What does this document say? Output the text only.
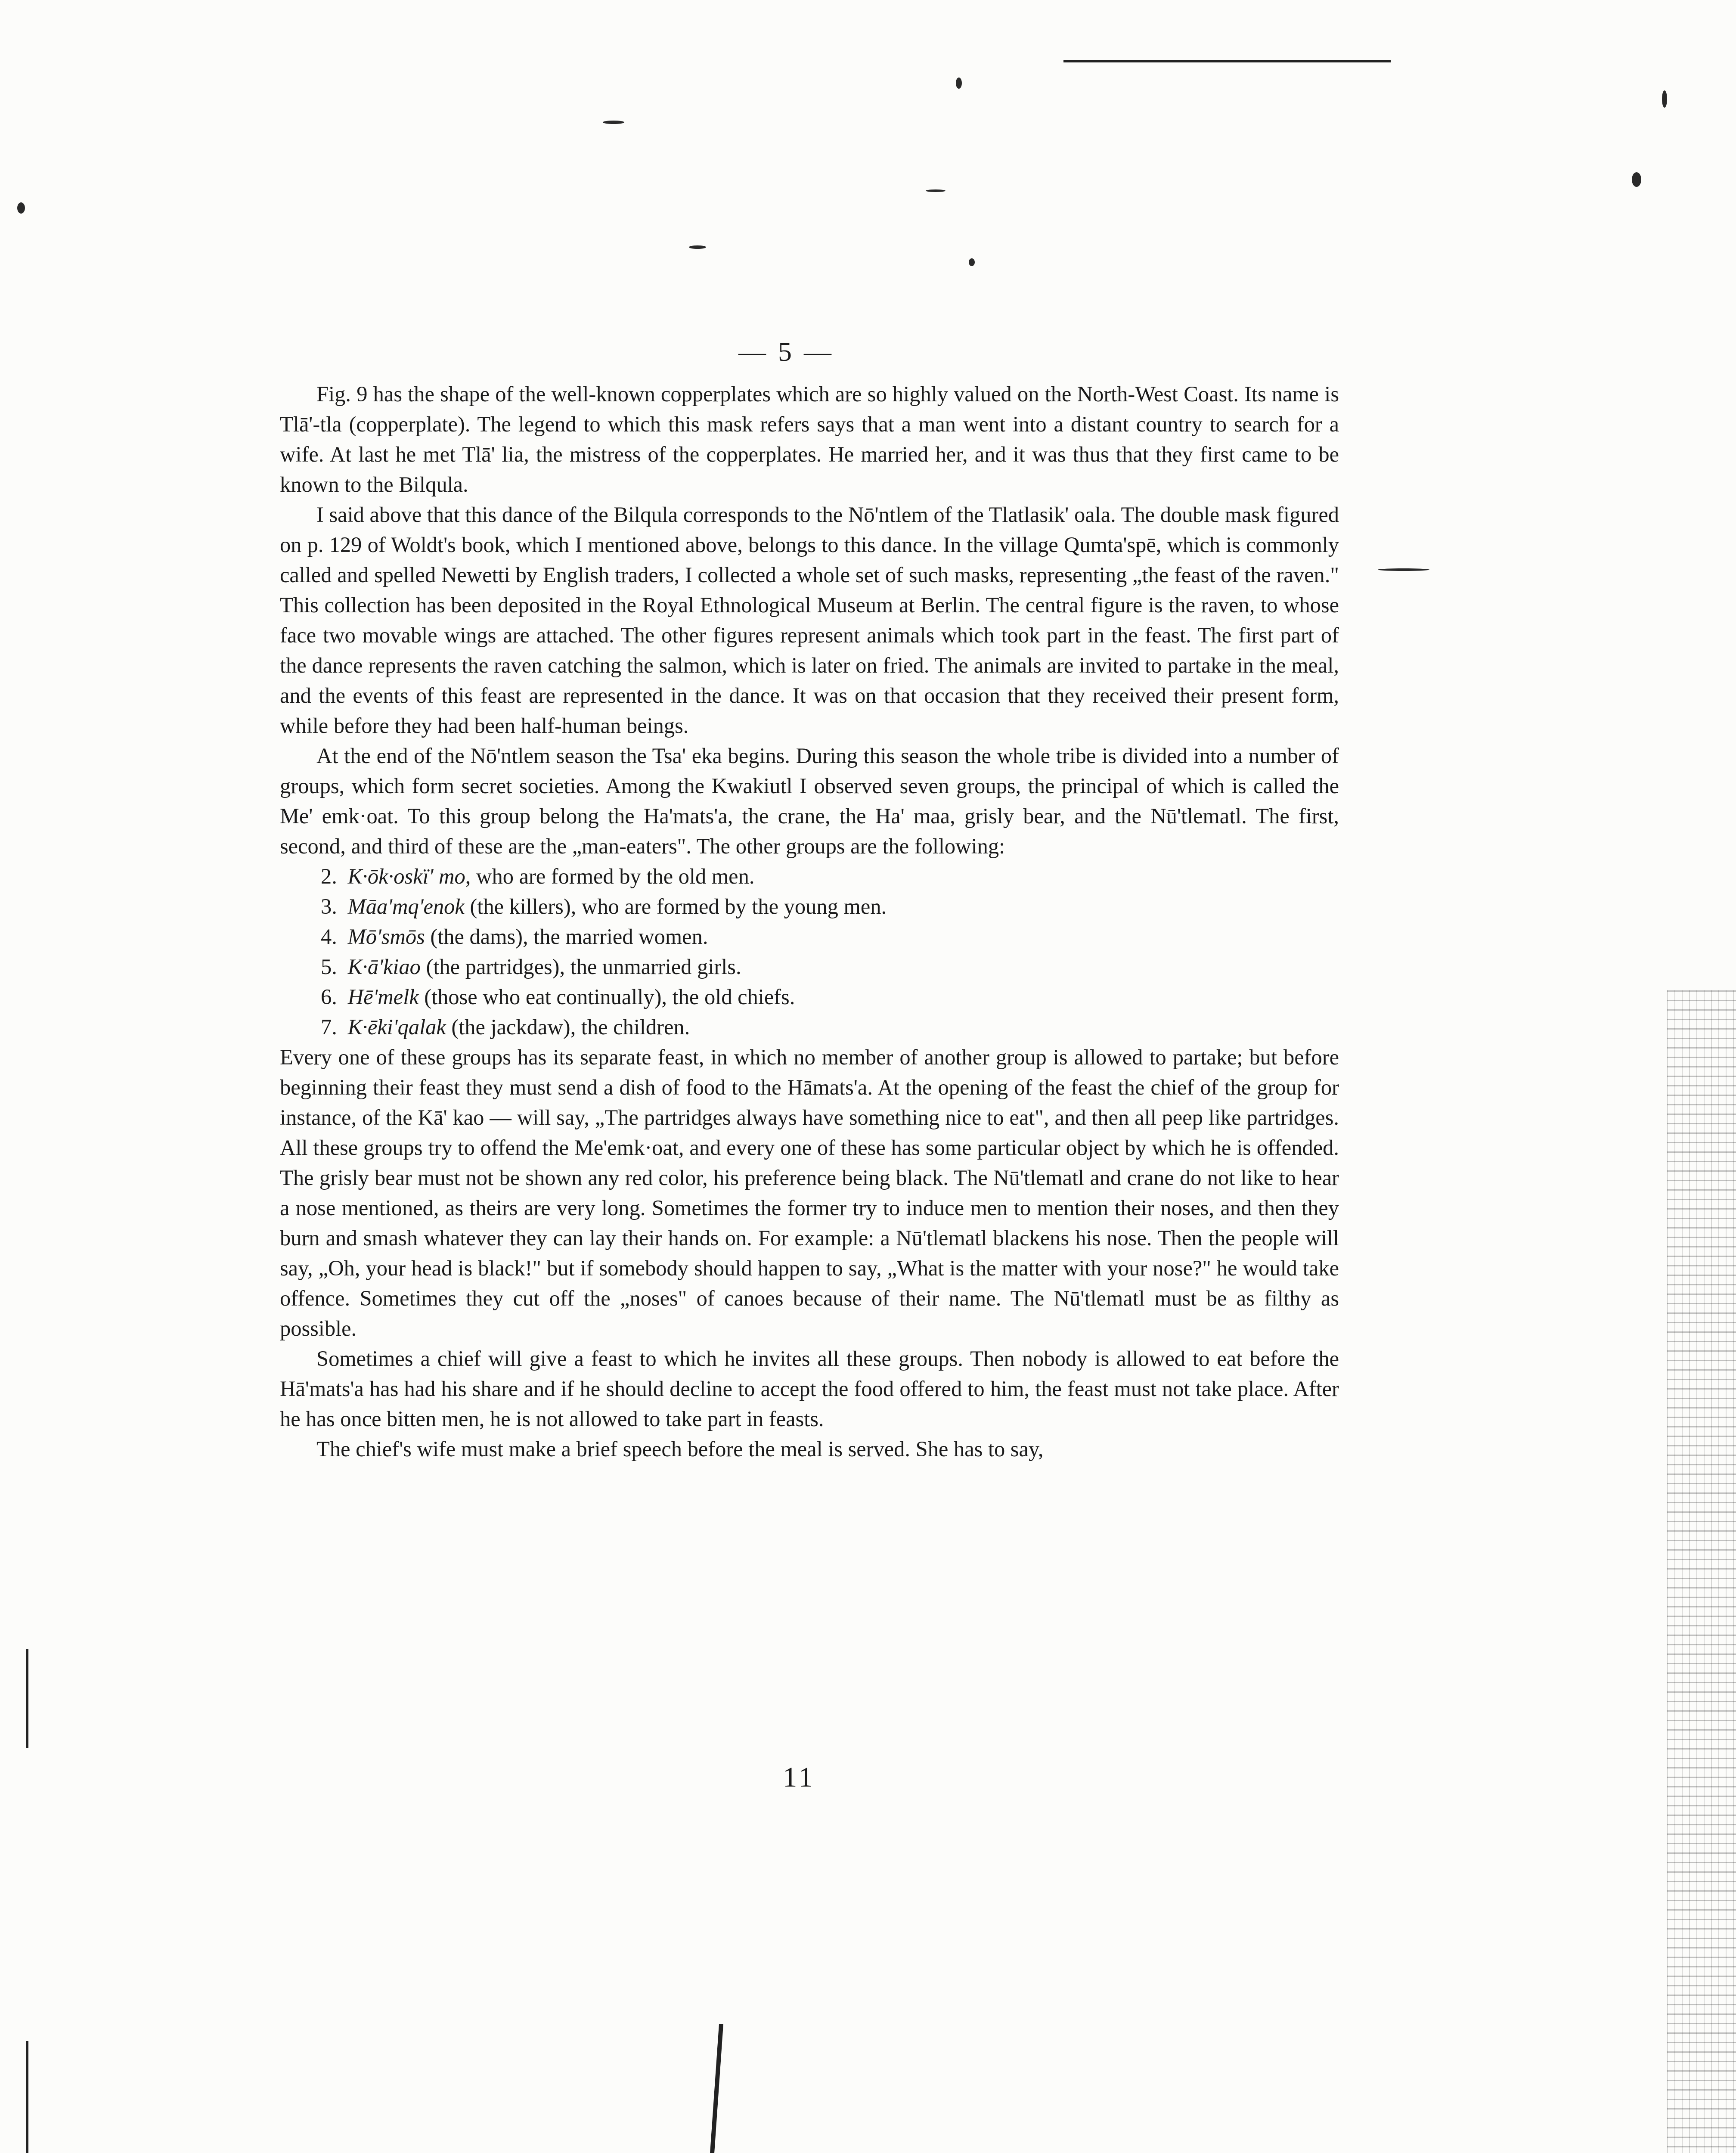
— 5 —

Fig. 9 has the shape of the well-known copperplates which are so highly valued on the North-West Coast. Its name is Tlā'-tla (copperplate). The legend to which this mask refers says that a man went into a distant country to search for a wife. At last he met Tlā' lia, the mistress of the copperplates. He married her, and it was thus that they first came to be known to the Bilqula.

I said above that this dance of the Bilqula corresponds to the Nō'ntlem of the Tlatlasik' oala. The double mask figured on p. 129 of Woldt's book, which I mentioned above, belongs to this dance. In the village Qumta'spē, which is commonly called and spelled Newetti by English traders, I collected a whole set of such masks, representing „the feast of the raven." This collection has been deposited in the Royal Ethnological Museum at Berlin. The central figure is the raven, to whose face two movable wings are attached. The other figures represent animals which took part in the feast. The first part of the dance represents the raven catching the salmon, which is later on fried. The animals are invited to partake in the meal, and the events of this feast are represented in the dance. It was on that occasion that they received their present form, while before they had been half-human beings.

At the end of the Nō'ntlem season the Tsa' eka begins. During this season the whole tribe is divided into a number of groups, which form secret societies. Among the Kwakiutl I observed seven groups, the principal of which is called the Me' emk·oat. To this group belong the Ha'mats'a, the crane, the Ha' maa, grisly bear, and the Nū'tlematl. The first, second, and third of these are the „man-eaters". The other groups are the following:

2. K·ōk·oskï' mo, who are formed by the old men.
3. Māa'mq'enok (the killers), who are formed by the young men.
4. Mō'smōs (the dams), the married women.
5. K·ā'kiao (the partridges), the unmarried girls.
6. Hē'melk (those who eat continually), the old chiefs.
7. K·ēki'qalak (the jackdaw), the children.

Every one of these groups has its separate feast, in which no member of another group is allowed to partake; but before beginning their feast they must send a dish of food to the Hāmats'a. At the opening of the feast the chief of the group for instance, of the Kā' kao — will say, „The partridges always have something nice to eat", and then all peep like partridges. All these groups try to offend the Me'emk·oat, and every one of these has some particular object by which he is offended. The grisly bear must not be shown any red color, his preference being black. The Nū'tlematl and crane do not like to hear a nose mentioned, as theirs are very long. Sometimes the former try to induce men to mention their noses, and then they burn and smash whatever they can lay their hands on. For example: a Nū'tlematl blackens his nose. Then the people will say, „Oh, your head is black!" but if somebody should happen to say, „What is the matter with your nose?" he would take offence. Sometimes they cut off the „noses" of canoes because of their name. The Nū'tlematl must be as filthy as possible.

Sometimes a chief will give a feast to which he invites all these groups. Then nobody is allowed to eat before the Hā'mats'a has had his share and if he should decline to accept the food offered to him, the feast must not take place. After he has once bitten men, he is not allowed to take part in feasts.

The chief's wife must make a brief speech before the meal is served. She has to say,

11
